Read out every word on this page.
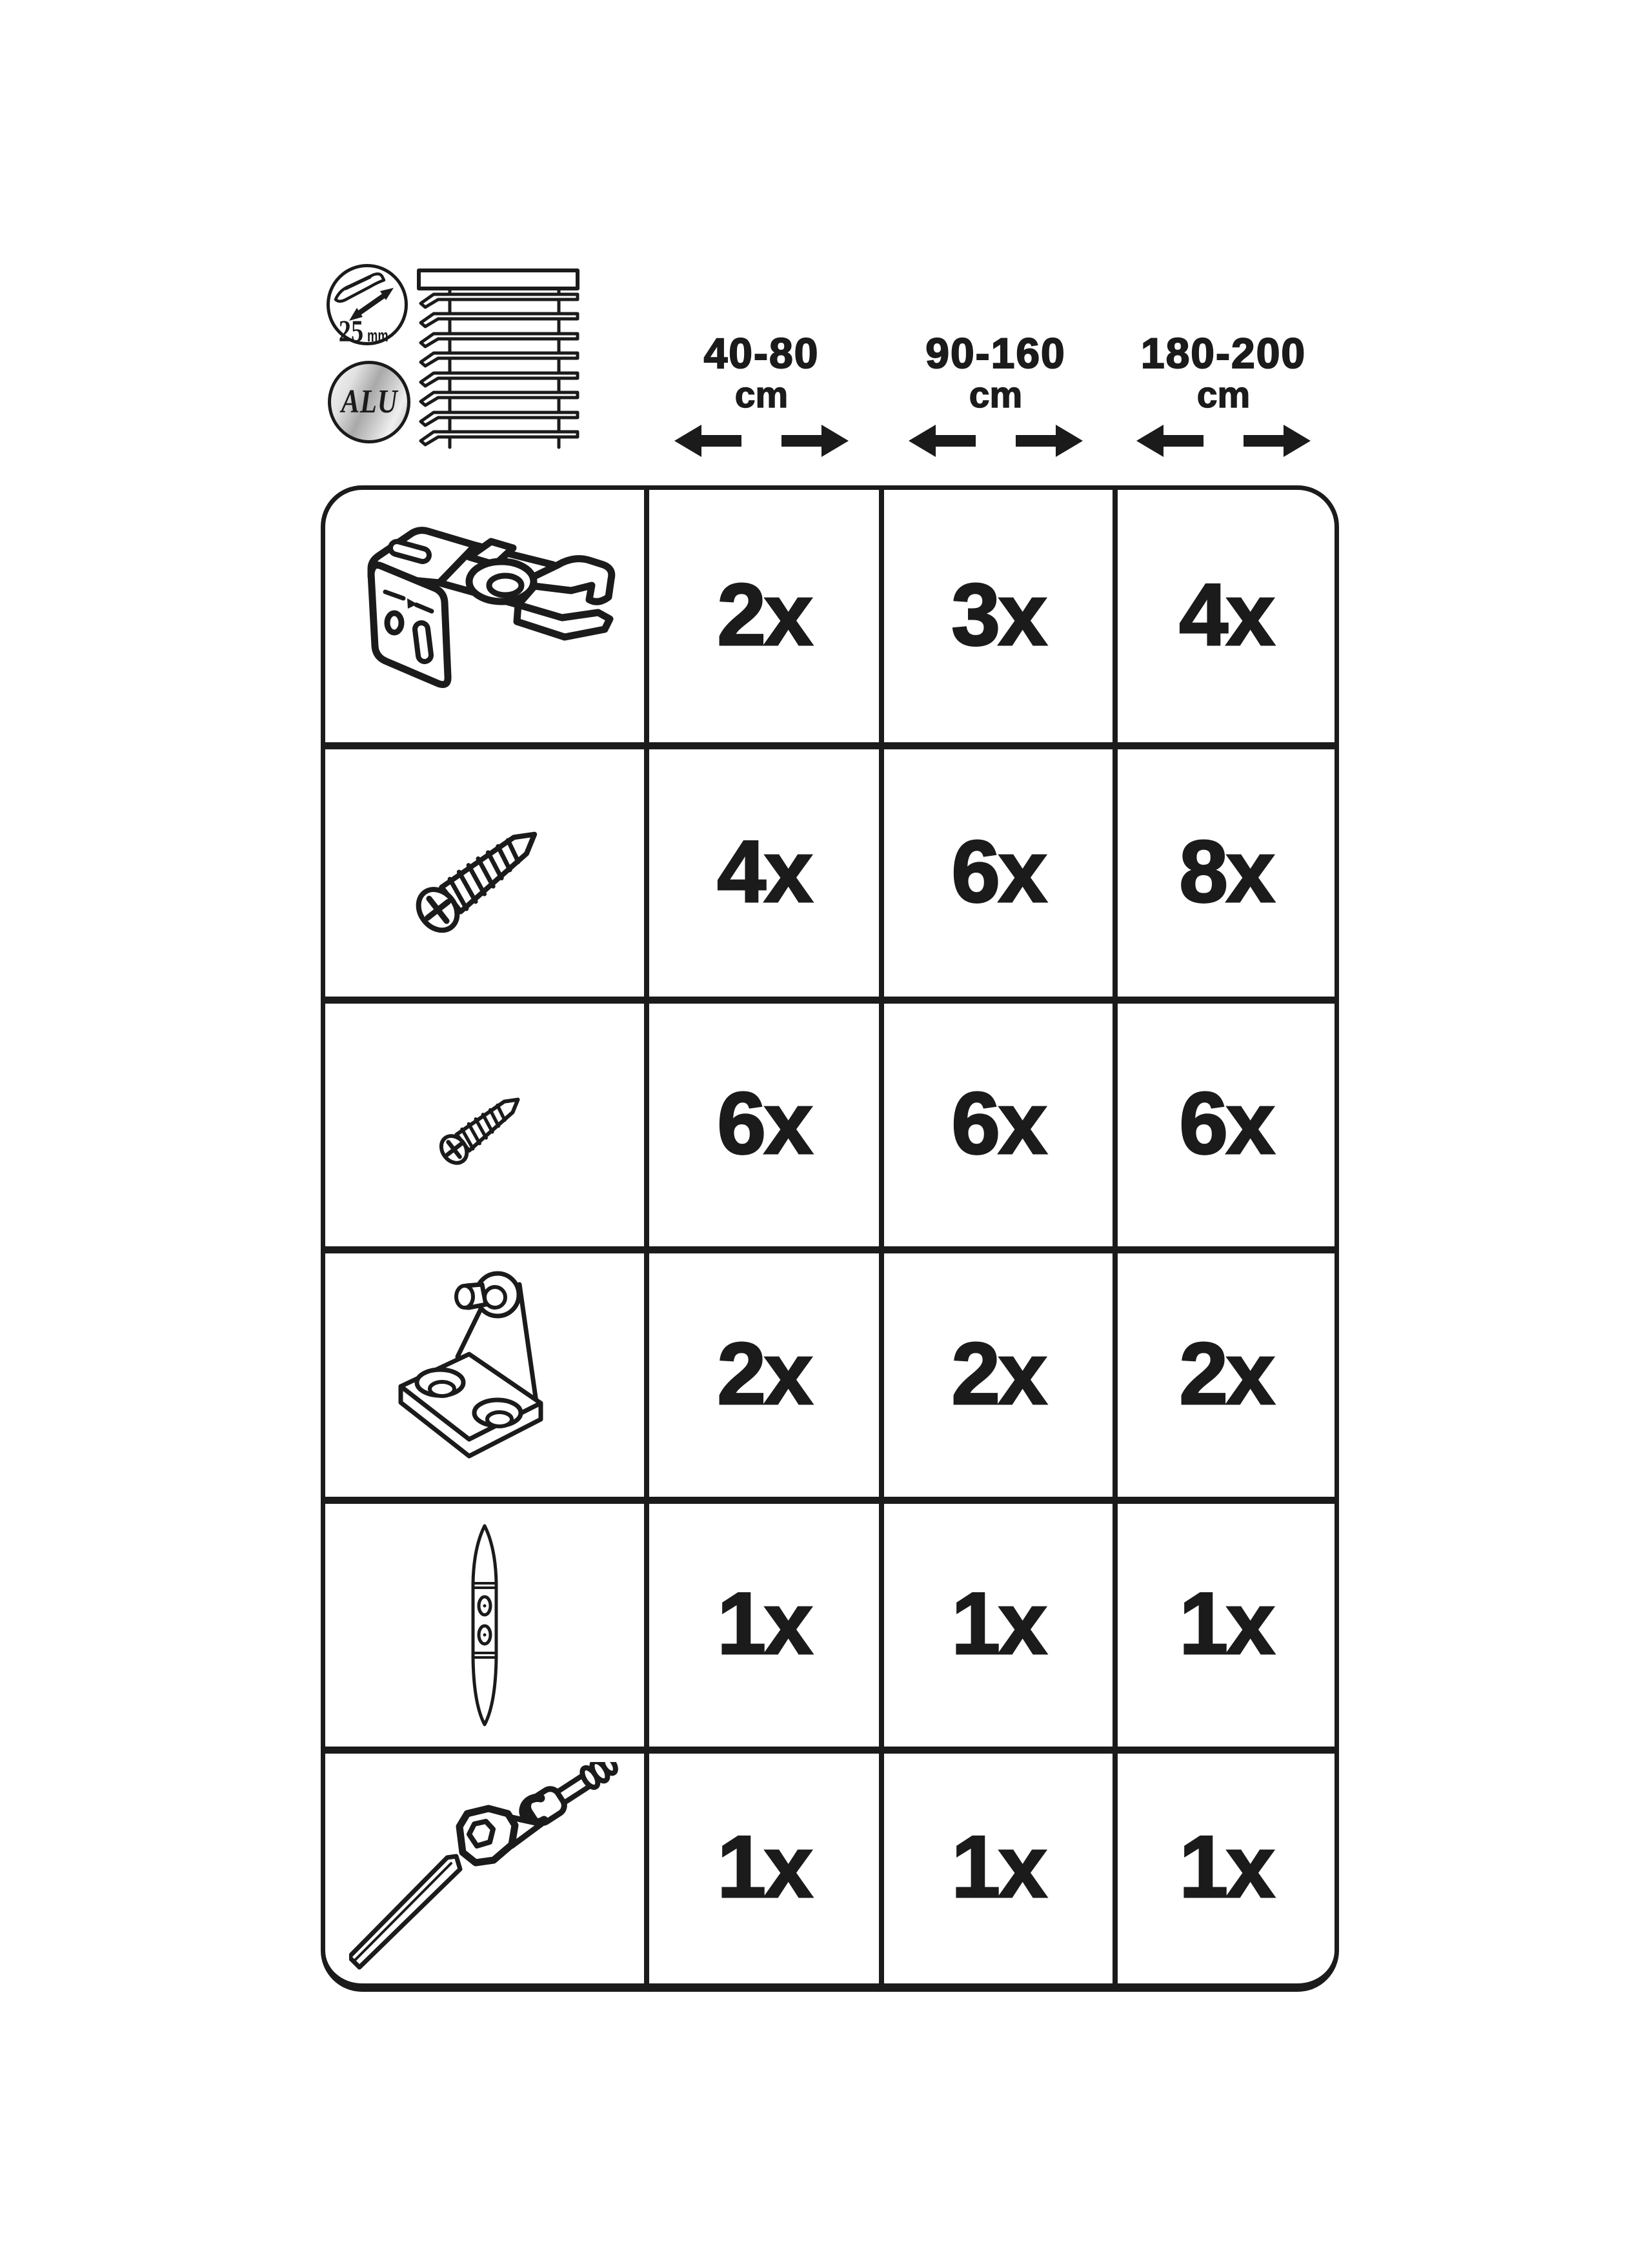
25 mm
ALU
40-80
cm
90-160
cm
180-200
cm
2x	3x	4x
4x	6x	8x
6x	6x	6x
2x	2x	2x
1x	1x	1x
1x	1x	1x
